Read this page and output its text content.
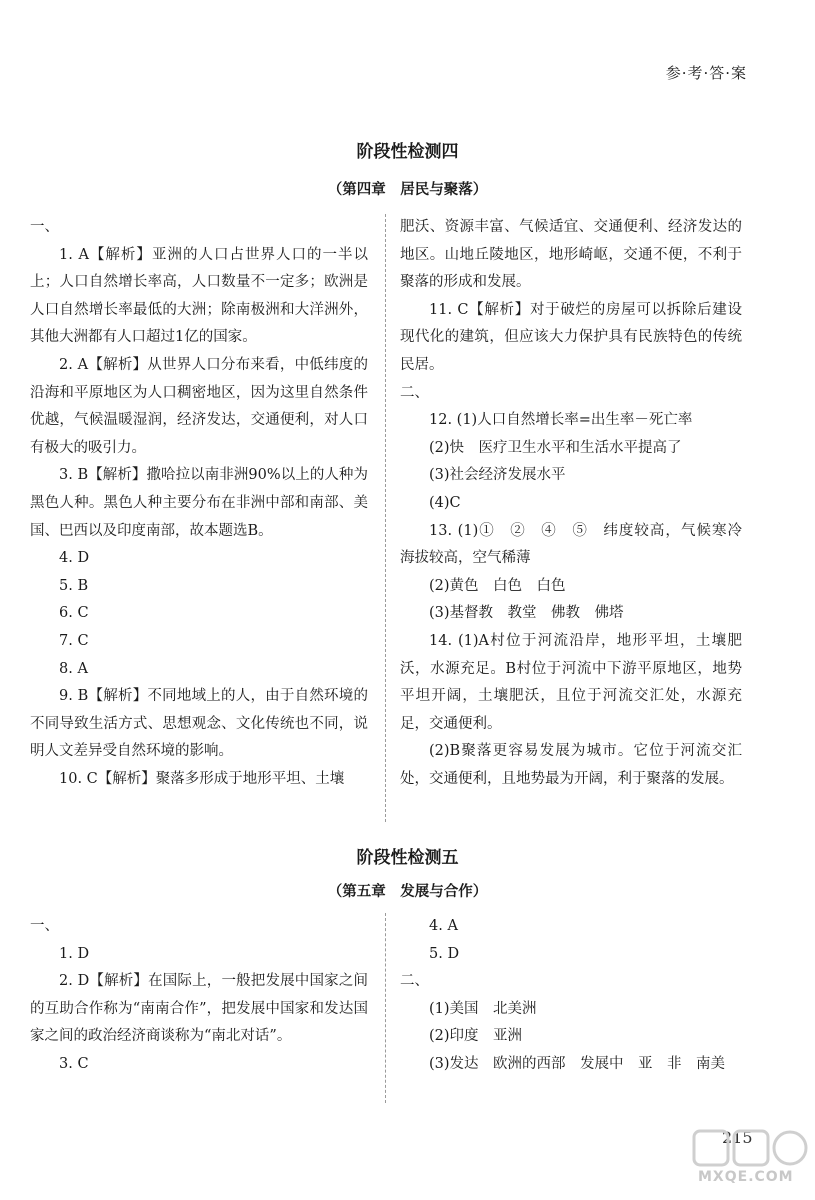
参·考·答·案
阶段性检测四
（第四章　居民与聚落）

一、

1. A【解析】亚洲的人口占世界人口的一半以上；人口自然增长率高，人口数量不一定多；欧洲是人口自然增长率最低的大洲；除南极洲和大洋洲外，其他大洲都有人口超过1亿的国家。

2. A【解析】从世界人口分布来看，中低纬度的沿海和平原地区为人口稠密地区，因为这里自然条件优越，气候温暖湿润，经济发达，交通便利，对人口有极大的吸引力。

3. B【解析】撒哈拉以南非洲90%以上的人种为黑色人种。黑色人种主要分布在非洲中部和南部、美国、巴西以及印度南部，故本题选B。

4. D

5. B

6. C

7. C

8. A

9. B【解析】不同地域上的人，由于自然环境的不同导致生活方式、思想观念、文化传统也不同，说明人文差异受自然环境的影响。

10. C【解析】聚落多形成于地形平坦、土壤

肥沃、资源丰富、气候适宜、交通便利、经济发达的地区。山地丘陵地区，地形崎岖，交通不便，不利于聚落的形成和发展。

11. C【解析】对于破烂的房屋可以拆除后建设现代化的建筑，但应该大力保护具有民族特色的传统民居。

二、

12. (1)人口自然增长率=出生率－死亡率

(2)快　医疗卫生水平和生活水平提高了

(3)社会经济发展水平

(4)C

13. (1)①　②　④　⑤　纬度较高，气候寒冷　海拔较高，空气稀薄

(2)黄色　白色　白色

(3)基督教　教堂　佛教　佛塔

14. (1)A村位于河流沿岸，地形平坦，土壤肥沃，水源充足。B村位于河流中下游平原地区，地势平坦开阔，土壤肥沃，且位于河流交汇处，水源充足，交通便利。

(2)B聚落更容易发展为城市。它位于河流交汇处，交通便利，且地势最为开阔，利于聚落的发展。

阶段性检测五
（第五章　发展与合作）

一、

1. D

2. D【解析】在国际上，一般把发展中国家之间的互助合作称为“南南合作”，把发展中国家和发达国家之间的政治经济商谈称为“南北对话”。

3. C

4. A

5. D

二、

(1)美国　北美洲

(2)印度　亚洲

(3)发达　欧洲的西部　发展中　亚　非　南美

215
MXQE.COM
